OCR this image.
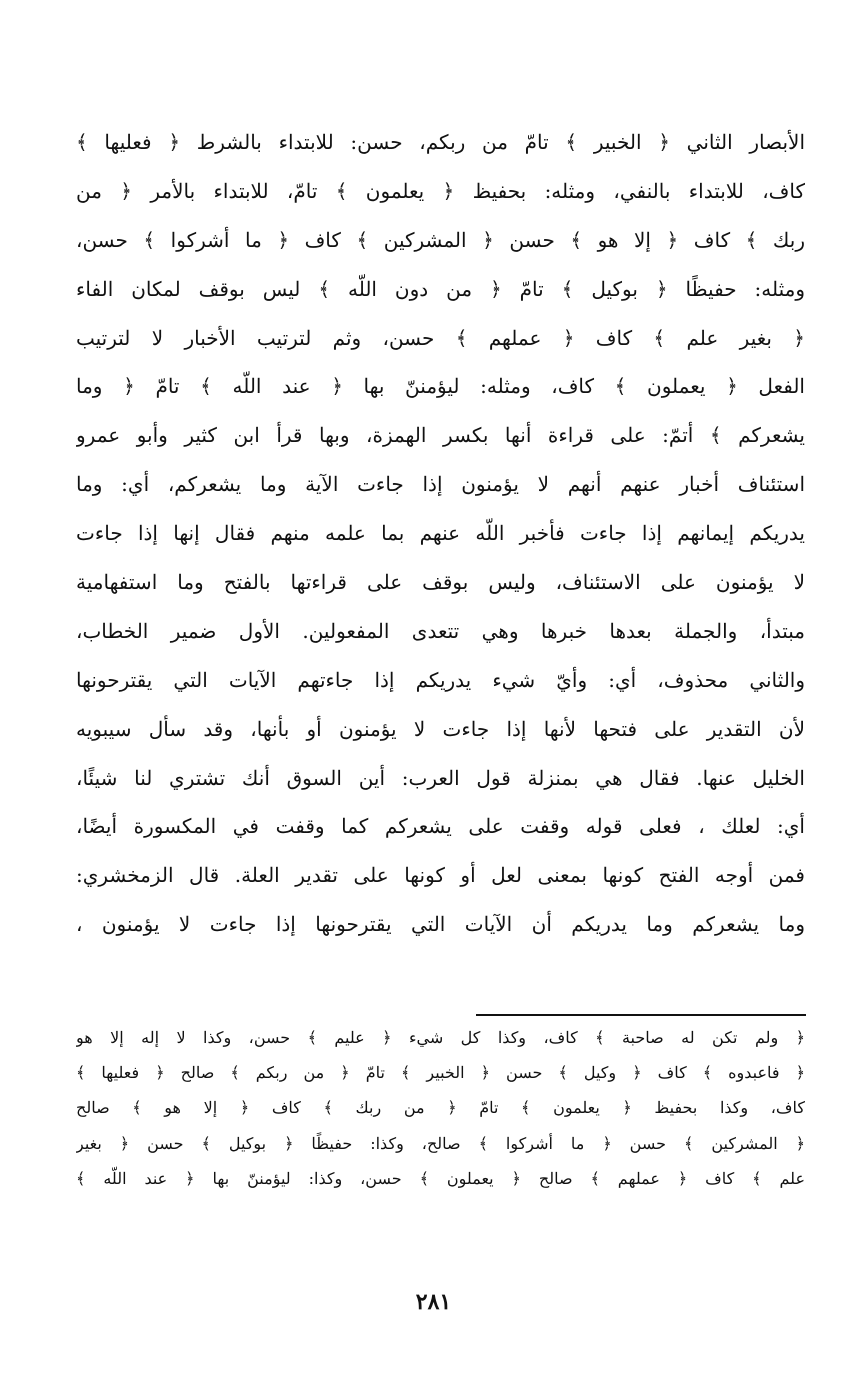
الأبصار الثاني ﴿ الخبير ﴾ تامّ من ربكم، حسن: للابتداء بالشرط ﴿ فعليها ﴾
كاف، للابتداء بالنفي، ومثله: بحفيظ ﴿ يعلمون ﴾ تامّ، للابتداء بالأمر ﴿ من
ربك ﴾ كاف ﴿ إلا هو ﴾ حسن ﴿ المشركين ﴾ كاف ﴿ ما أشركوا ﴾ حسن،
ومثله: حفيظًا ﴿ بوكيل ﴾ تامّ ﴿ من دون اللّه ﴾ ليس بوقف لمكان الفاء
﴿ بغير علم ﴾ كاف ﴿ عملهم ﴾ حسن، وثم لترتيب الأخبار لا لترتيب
الفعل ﴿ يعملون ﴾ كاف، ومثله: ليؤمننّ بها ﴿ عند اللّه ﴾ تامّ ﴿ وما
يشعركم ﴾ أتمّ: على قراءة أنها بكسر الهمزة، وبها قرأ ابن كثير وأبو عمرو
استئناف أخبار عنهم أنهم لا يؤمنون إذا جاءت الآية وما يشعركم، أي: وما
يدريكم إيمانهم إذا جاءت فأخبر اللّه عنهم بما علمه منهم فقال إنها إذا جاءت
لا يؤمنون على الاستئناف، وليس بوقف على قراءتها بالفتح وما استفهامية
مبتدأ، والجملة بعدها خبرها وهي تتعدى المفعولين. الأول ضمير الخطاب،
والثاني محذوف، أي: وأيّ شيء يدريكم إذا جاءتهم الآيات التي يقترحونها
لأن التقدير على فتحها لأنها إذا جاءت لا يؤمنون أو بأنها، وقد سأل سيبويه
الخليل عنها. فقال هي بمنزلة قول العرب: أين السوق أنك تشتري لنا شيئًا،
أي: لعلك ، فعلى قوله وقفت على يشعركم كما وقفت في المكسورة أيضًا،
فمن أوجه الفتح كونها بمعنى لعل أو كونها على تقدير العلة. قال الزمخشري:
وما يشعركم وما يدريكم أن الآيات التي يقترحونها إذا جاءت لا يؤمنون ،
﴿ ولم تكن له صاحبة ﴾ كاف، وكذا كل شيء ﴿ عليم ﴾ حسن، وكذا لا إله إلا هو
﴿ فاعبدوه ﴾ كاف ﴿ وكيل ﴾ حسن ﴿ الخبير ﴾ تامّ ﴿ من ربكم ﴾ صالح ﴿ فعليها ﴾
كاف، وكذا بحفيظ ﴿ يعلمون ﴾ تامّ ﴿ من ربك ﴾ كاف ﴿ إلا هو ﴾ صالح
﴿ المشركين ﴾ حسن ﴿ ما أشركوا ﴾ صالح، وكذا: حفيظًا ﴿ بوكيل ﴾ حسن ﴿ بغير
علم ﴾ كاف ﴿ عملهم ﴾ صالح ﴿ يعملون ﴾ حسن، وكذا: ليؤمننّ بها ﴿ عند اللّه ﴾
٢٨١
